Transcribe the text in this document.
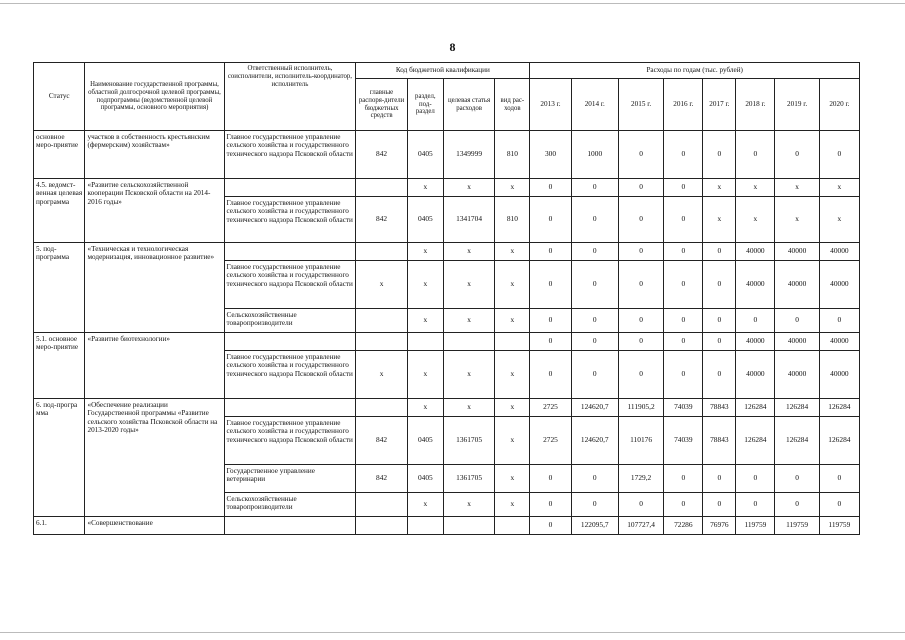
8
Статус	Наименование государственной программы, областной долгосрочной целевой программы, подпрограммы (ведомственной целевой программы, основного мероприятия)	Ответственный исполнитель, соисполнители, исполнитель-координатор, исполнитель	Код бюджетной квалификации				Расходы по годам (тыс. рублей)							
			главные распоря-дители бюджетных средств	раздел, под-раздел	целевая статья расходов	вид рас-ходов	2013 г.	2014 г.	2015 г.	2016 г.	2017 г.	2018 г.	2019 г.	2020 г.
основное меро-приятие	участков в собственность крестьянским (фермерским) хозяйствам»	Главное государственное управление сельского хозяйства и государственного технического надзора Псковской области	842	0405	1349999	810	300	1000	0	0	0	0	0	0
4.5. ведомст-венная целевая программа	«Развитие сельскохозяйственной кооперации Псковской области на 2014-2016 годы»			х	х	х	0	0	0	0	х	х	х	х
		Главное государственное управление сельского хозяйства и государственного технического надзора Псковской области	842	0405	1341704	810	0	0	0	0	х	х	х	х
5. под-программа	«Техническая и технологическая модернизация, инновационное развитие»			х	х	х	0	0	0	0	0	40000	40000	40000
		Главное государственное управление сельского хозяйства и государственного технического надзора Псковской области	х	х	х	х	0	0	0	0	0	40000	40000	40000
		Сельскохозяйственные товаропроизводители		х	х	х	0	0	0	0	0	0	0	0
5.1. основное меро-приятие	«Развитие биотехнологии»						0	0	0	0	0	40000	40000	40000
		Главное государственное управление сельского хозяйства и государственного технического надзора Псковской области	х	х	х	х	0	0	0	0	0	40000	40000	40000
6. под-програ мма	«Обеспечение реализации Государственной программы «Развитие сельского хозяйства Псковской области на 2013-2020 годы»			х	х	х	2725	124620,7	111905,2	74039	78843	126284	126284	126284
		Главное государственное управление сельского хозяйства и государственного технического надзора Псковской области	842	0405	1361705	х	2725	124620,7	110176	74039	78843	126284	126284	126284
		Государственное управление ветеринарии	842	0405	1361705	х	0	0	1729,2	0	0	0	0	0
		Сельскохозяйственные товаропроизводители		х	х	х	0	0	0	0	0	0	0	0
6.1.	«Совершенствование						0	122095,7	107727,4	72286	76976	119759	119759	119759
